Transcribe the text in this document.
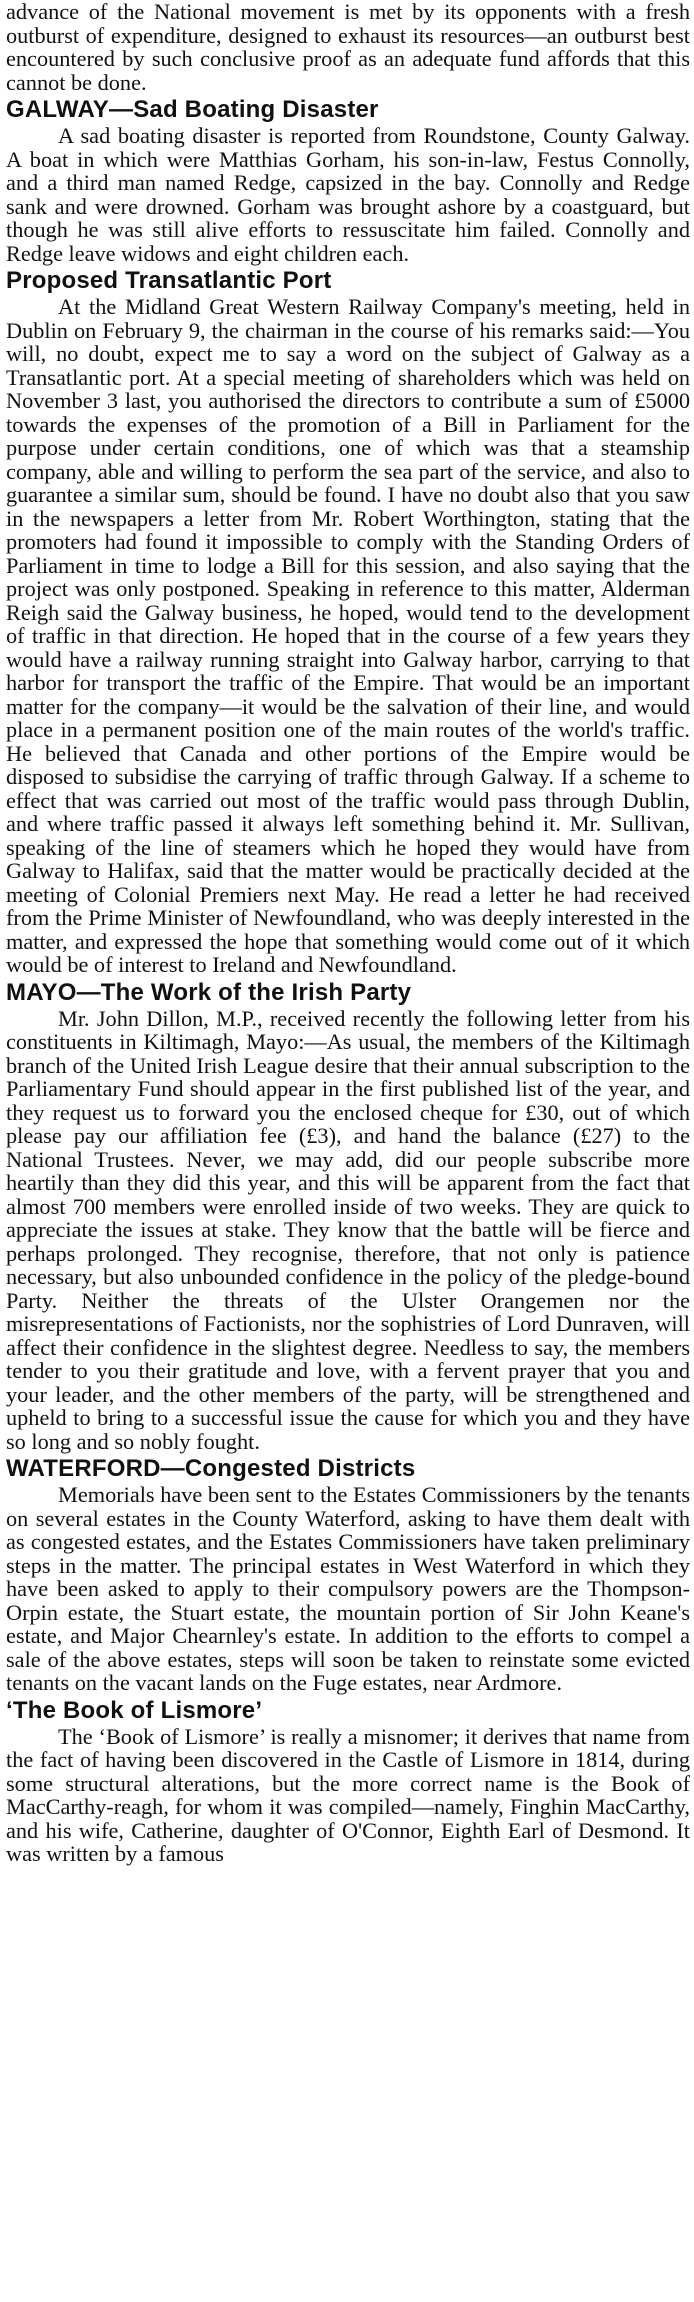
advance of the National movement is met by its opponents with a fresh outburst of expenditure, designed to exhaust its resources—an outburst best encountered by such conclusive proof as an adequate fund affords that this cannot be done.

GALWAY—Sad Boating Disaster

A sad boating disaster is reported from Roundstone, County Galway. A boat in which were Matthias Gorham, his son-in-law, Festus Connolly, and a third man named Redge, capsized in the bay. Connolly and Redge sank and were drowned. Gorham was brought ashore by a coastguard, but though he was still alive efforts to ressuscitate him failed. Connolly and Redge leave widows and eight children each.

Proposed Transatlantic Port

At the Midland Great Western Railway Company's meeting, held in Dublin on February 9, the chairman in the course of his remarks said:—You will, no doubt, expect me to say a word on the subject of Galway as a Transatlantic port. At a special meeting of shareholders which was held on November 3 last, you authorised the directors to contribute a sum of £5000 towards the expenses of the promotion of a Bill in Parliament for the purpose under certain conditions, one of which was that a steamship company, able and willing to perform the sea part of the service, and also to guarantee a similar sum, should be found. I have no doubt also that you saw in the newspapers a letter from Mr. Robert Worthington, stating that the promoters had found it impossible to comply with the Standing Orders of Parliament in time to lodge a Bill for this session, and also saying that the project was only postponed. Speaking in reference to this matter, Alderman Reigh said the Galway business, he hoped, would tend to the development of traffic in that direction. He hoped that in the course of a few years they would have a railway running straight into Galway harbor, carrying to that harbor for transport the traffic of the Empire. That would be an important matter for the company—it would be the salvation of their line, and would place in a permanent position one of the main routes of the world's traffic. He believed that Canada and other portions of the Empire would be disposed to subsidise the carrying of traffic through Galway. If a scheme to effect that was carried out most of the traffic would pass through Dublin, and where traffic passed it always left something behind it. Mr. Sullivan, speaking of the line of steamers which he hoped they would have from Galway to Halifax, said that the matter would be practically decided at the meeting of Colonial Premiers next May. He read a letter he had received from the Prime Minister of Newfoundland, who was deeply interested in the matter, and expressed the hope that something would come out of it which would be of interest to Ireland and Newfoundland.

MAYO—The Work of the Irish Party

Mr. John Dillon, M.P., received recently the following letter from his constituents in Kiltimagh, Mayo:—As usual, the members of the Kiltimagh branch of the United Irish League desire that their annual subscription to the Parliamentary Fund should appear in the first published list of the year, and they request us to forward you the enclosed cheque for £30, out of which please pay our affiliation fee (£3), and hand the balance (£27) to the National Trustees. Never, we may add, did our people subscribe more heartily than they did this year, and this will be apparent from the fact that almost 700 members were enrolled inside of two weeks. They are quick to appreciate the issues at stake. They know that the battle will be fierce and perhaps prolonged. They recognise, therefore, that not only is patience necessary, but also unbounded confidence in the policy of the pledge-bound Party. Neither the threats of the Ulster Orangemen nor the misrepresentations of Factionists, nor the sophistries of Lord Dunraven, will affect their confidence in the slightest degree. Needless to say, the members tender to you their gratitude and love, with a fervent prayer that you and your leader, and the other members of the party, will be strengthened and upheld to bring to a successful issue the cause for which you and they have so long and so nobly fought.

WATERFORD—Congested Districts

Memorials have been sent to the Estates Commissioners by the tenants on several estates in the County Waterford, asking to have them dealt with as congested estates, and the Estates Commissioners have taken preliminary steps in the matter. The principal estates in West Waterford in which they have been asked to apply to their compulsory powers are the Thompson-Orpin estate, the Stuart estate, the mountain portion of Sir John Keane's estate, and Major Chearnley's estate. In addition to the efforts to compel a sale of the above estates, steps will soon be taken to reinstate some evicted tenants on the vacant lands on the Fuge estates, near Ardmore.

‘The Book of Lismore’

The ‘Book of Lismore’ is really a misnomer; it derives that name from the fact of having been discovered in the Castle of Lismore in 1814, during some structural alterations, but the more correct name is the Book of MacCarthy-reagh, for whom it was compiled—namely, Finghin MacCarthy, and his wife, Catherine, daughter of O'Connor, Eighth Earl of Desmond. It was written by a famous
